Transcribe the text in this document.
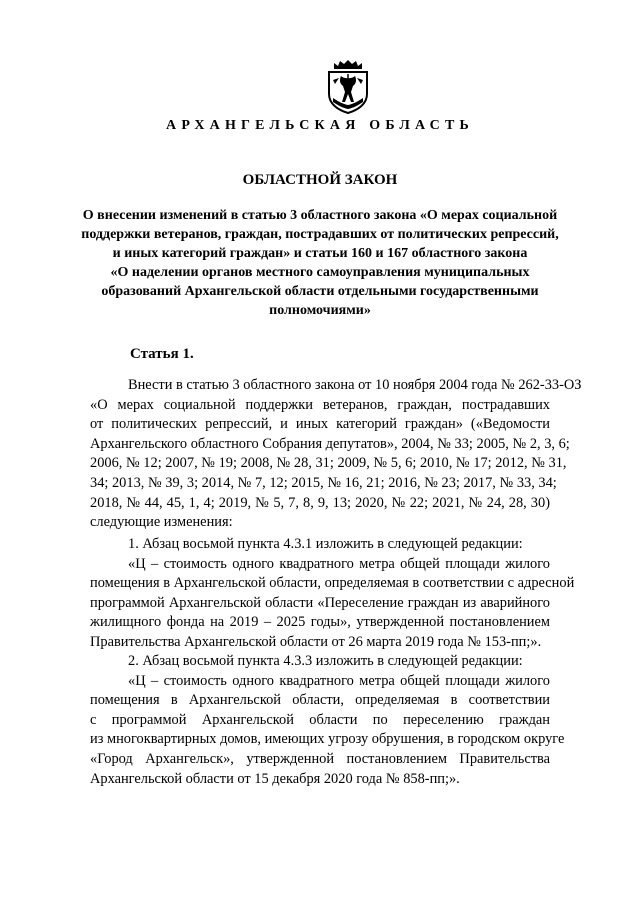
АРХАНГЕЛЬСКАЯ ОБЛАСТЬ
ОБЛАСТНОЙ ЗАКОН
О внесении изменений в статью 3 областного закона «О мерах социальной
поддержки ветеранов, граждан, пострадавших от политических репрессий,
и иных категорий граждан» и статьи 160 и 167 областного закона
«О наделении органов местного самоуправления муниципальных
образований Архангельской области отдельными государственными
полномочиями»
Статья 1.
Внести в статью 3 областного закона от 10 ноября 2004 года № 262-33-ОЗ
«О мерах социальной поддержки ветеранов, граждан, пострадавших
от политических репрессий, и иных категорий граждан» («Ведомости
Архангельского областного Собрания депутатов», 2004, № 33; 2005, № 2, 3, 6;
2006, № 12; 2007, № 19; 2008, № 28, 31; 2009, № 5, 6; 2010, № 17; 2012, № 31,
34; 2013, № 39, 3; 2014, № 7, 12; 2015, № 16, 21; 2016, № 23; 2017, № 33, 34;
2018, № 44, 45, 1, 4; 2019, № 5, 7, 8, 9, 13; 2020, № 22; 2021, № 24, 28, 30)
следующие изменения:
1. Абзац восьмой пункта 4.3.1 изложить в следующей редакции:
«Ц – стоимость одного квадратного метра общей площади жилого
помещения в Архангельской области, определяемая в соответствии с адресной
программой Архангельской области «Переселение граждан из аварийного
жилищного фонда на 2019 – 2025 годы», утвержденной постановлением
Правительства Архангельской области от 26 марта 2019 года № 153-пп;».
2. Абзац восьмой пункта 4.3.3 изложить в следующей редакции:
«Ц – стоимость одного квадратного метра общей площади жилого
помещения в Архангельской области, определяемая в соответствии
с программой Архангельской области по переселению граждан
из многоквартирных домов, имеющих угрозу обрушения, в городском округе
«Город Архангельск», утвержденной постановлением Правительства
Архангельской области от 15 декабря 2020 года № 858-пп;».
